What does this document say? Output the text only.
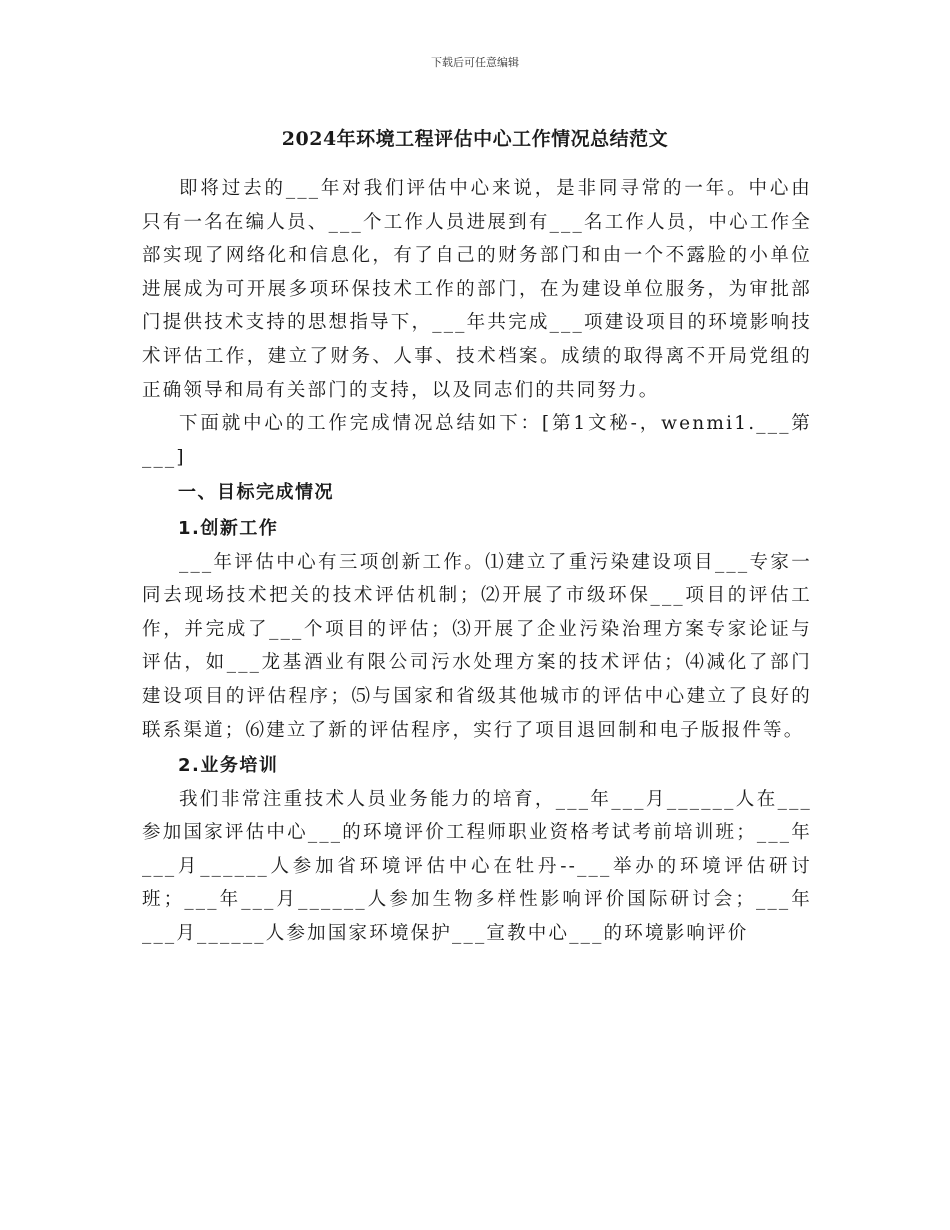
下载后可任意编辑
2024年环境工程评估中心工作情况总结范文

即将过去的___年对我们评估中心来说，是非同寻常的一年。中心由只有一名在编人员、___个工作人员进展到有___名工作人员，中心工作全部实现了网络化和信息化，有了自己的财务部门和由一个不露脸的小单位进展成为可开展多项环保技术工作的部门，在为建设单位服务，为审批部门提供技术支持的思想指导下，___年共完成___项建设项目的环境影响技术评估工作，建立了财务、人事、技术档案。成绩的取得离不开局党组的正确领导和局有关部门的支持，以及同志们的共同努力。

下面就中心的工作完成情况总结如下：[第1文秘-，wenmi1.___第___]

一、目标完成情况

1.创新工作

___年评估中心有三项创新工作。⑴建立了重污染建设项目___专家一同去现场技术把关的技术评估机制；⑵开展了市级环保___项目的评估工作，并完成了___个项目的评估；⑶开展了企业污染治理方案专家论证与评估，如___龙基酒业有限公司污水处理方案的技术评估；⑷减化了部门建设项目的评估程序；⑸与国家和省级其他城市的评估中心建立了良好的联系渠道；⑹建立了新的评估程序，实行了项目退回制和电子版报件等。

2.业务培训

我们非常注重技术人员业务能力的培育，___年___月______人在___参加国家评估中心___的环境评价工程师职业资格考试考前培训班；___年___月______人参加省环境评估中心在牡丹--___举办的环境评估研讨班；___年___月______人参加生物多样性影响评价国际研讨会；___年___月______人参加国家环境保护___宣教中心___的环境影响评价
